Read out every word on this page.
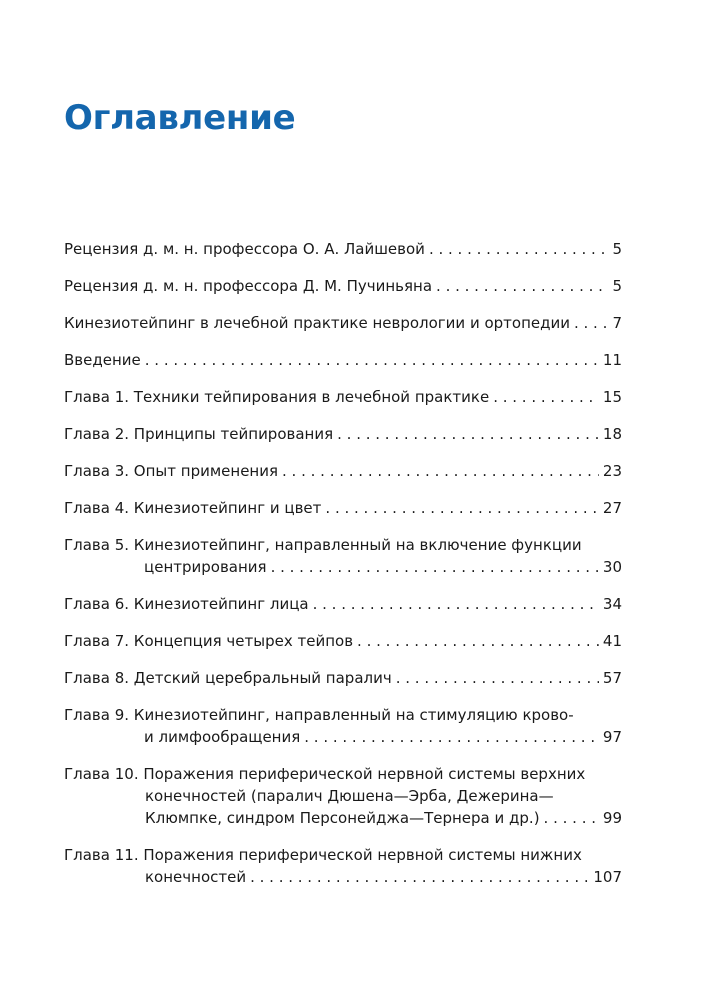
Оглавление
Рецензия д. м. н. профессора О. А. Лайшевой . . .	5
Рецензия д. м. н. профессора Д. М. Пучиньяна . . .	5
Кинезиотейпинг в лечебной практике неврологии и ортопедии . . .	7
Введение . . .	11
Глава 1. Техники тейпирования в лечебной практике . . .	15
Глава 2. Принципы тейпирования . . .	18
Глава 3. Опыт применения . . .	23
Глава 4. Кинезиотейпинг и цвет . . .	27
Глава 5. Кинезиотейпинг, направленный на включение функции
центрирования . . .	30
Глава 6. Кинезиотейпинг лица . . .	34
Глава 7. Концепция четырех тейпов . . .	41
Глава 8. Детский церебральный паралич . . .	57
Глава 9. Кинезиотейпинг, направленный на стимуляцию крово-
и лимфообращения . . .	97
Глава 10. Поражения периферической нервной системы верхних
конечностей (паралич Дюшена—Эрба, Дежерина—
Клюмпке, синдром Персонейджа—Тернера и др.) . . .	99
Глава 11. Поражения периферической нервной системы нижних
конечностей . . .	107
